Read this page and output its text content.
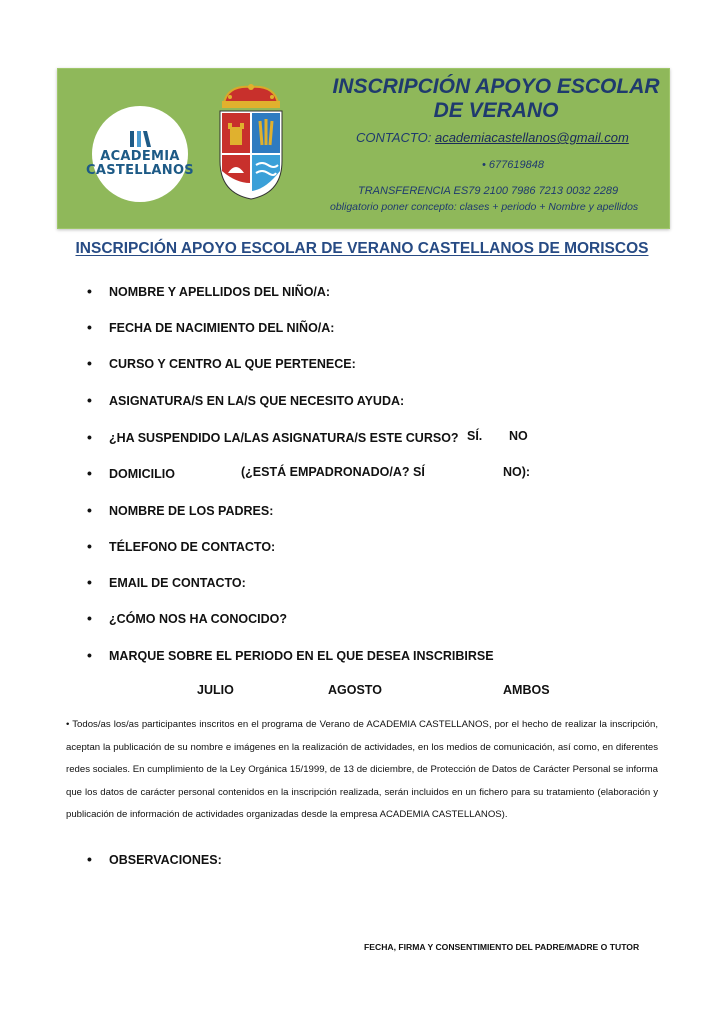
ACADEMIA
CASTELLANOS
INSCRIPCIÓN APOYO ESCOLAR DE VERANO
CONTACTO: academiacastellanos@gmail.com
• 677619848
TRANSFERENCIA ES79 2100 7986 7213 0032 2289
obligatorio poner concepto: clases + periodo + Nombre y apellidos
INSCRIPCIÓN APOYO ESCOLAR DE VERANO CASTELLANOS DE MORISCOS
• NOMBRE Y APELLIDOS DEL NIÑO/A:
• FECHA DE NACIMIENTO DEL NIÑO/A:
• CURSO Y CENTRO AL QUE PERTENECE:
• ASIGNATURA/S EN LA/S QUE NECESITO AYUDA:
• ¿HA SUSPENDIDO LA/LAS ASIGNATURA/S ESTE CURSO? SÍ. NO
• DOMICILIO	(¿ESTÁ EMPADRONADO/A? SÍ	NO):
• NOMBRE DE LOS PADRES:
• TÉLEFONO DE CONTACTO:
• EMAIL DE CONTACTO:
• ¿CÓMO NOS HA CONOCIDO?
• MARQUE SOBRE EL PERIODO EN EL QUE DESEA INSCRIBIRSE
JULIO	AGOSTO	AMBOS
• Todos/as los/as participantes inscritos en el programa de Verano de ACADEMIA CASTELLANOS, por el hecho de realizar la inscripción, aceptan la publicación de su nombre e imágenes en la realización de actividades, en los medios de comunicación, así como, en diferentes redes sociales. En cumplimiento de la Ley Orgánica 15/1999, de 13 de diciembre, de Protección de Datos de Carácter Personal se informa que los datos de carácter personal contenidos en la inscripción realizada, serán incluidos en un fichero para su tratamiento (elaboración y publicación de información de actividades organizadas desde la empresa ACADEMIA CASTELLANOS).
• OBSERVACIONES:
FECHA, FIRMA Y CONSENTIMIENTO DEL PADRE/MADRE O TUTOR
